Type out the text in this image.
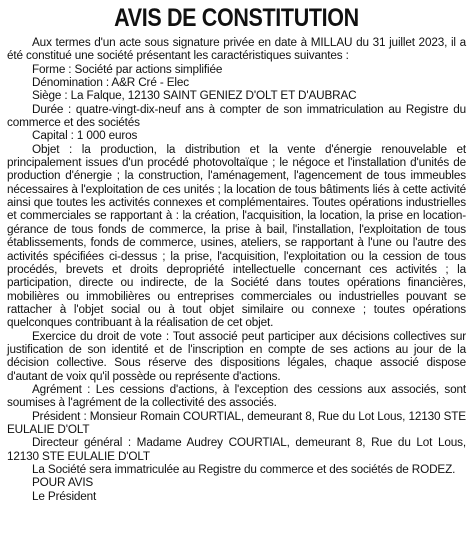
AVIS DE CONSTITUTION

Aux termes d'un acte sous signature privée en date à MILLAU du 31 juillet 2023, il a été constitué une société présentant les caractéristiques suivantes :

Forme : Société par actions simplifiée

Dénomination : A&R Cré - Elec

Siège : La Falque, 12130 SAINT GENIEZ D'OLT ET D'AUBRAC

Durée : quatre-vingt-dix-neuf ans à compter de son immatriculation au Registre du commerce et des sociétés

Capital : 1 000 euros

Objet : la production, la distribution et la vente d'énergie renouvelable et principalement issues d'un procédé photovoltaïque ; le négoce et l'installation d'unités de production d'énergie ; la construction, l'aménagement, l'agencement de tous immeubles nécessaires à l'exploitation de ces unités ; la location de tous bâtiments liés à cette activité ainsi que toutes les activités connexes et complémentaires. Toutes opérations industrielles et commerciales se rapportant à : la création, l'acquisition, la location, la prise en location-gérance de tous fonds de commerce, la prise à bail, l'installation, l'exploitation de tous établissements, fonds de commerce, usines, ateliers, se rapportant à l'une ou l'autre des activités spécifiées ci-dessus ; la prise, l'acquisition, l'exploitation ou la cession de tous procédés, brevets et droits depropriété intellectuelle concernant ces activités ; la participation, directe ou indirecte, de la Société dans toutes opérations financières, mobilières ou immobilières ou entreprises commerciales ou industrielles pouvant se rattacher à l'objet social ou à tout objet similaire ou connexe ; toutes opérations quelconques contribuant à la réalisation de cet objet.

Exercice du droit de vote : Tout associé peut participer aux décisions collectives sur justification de son identité et de l'inscription en compte de ses actions au jour de la décision collective. Sous réserve des dispositions légales, chaque associé dispose d'autant de voix qu'il possède ou représente d'actions.

Agrément : Les cessions d'actions, à l'exception des cessions aux associés, sont soumises à l'agrément de la collectivité des associés.

Président : Monsieur Romain COURTIAL, demeurant 8, Rue du Lot Lous, 12130 STE EULALIE D'OLT

Directeur général : Madame Audrey COURTIAL, demeurant 8, Rue du Lot Lous, 12130 STE EULALIE D'OLT

La Société sera immatriculée au Registre du commerce et des sociétés de RODEZ.

POUR AVIS

Le Président
